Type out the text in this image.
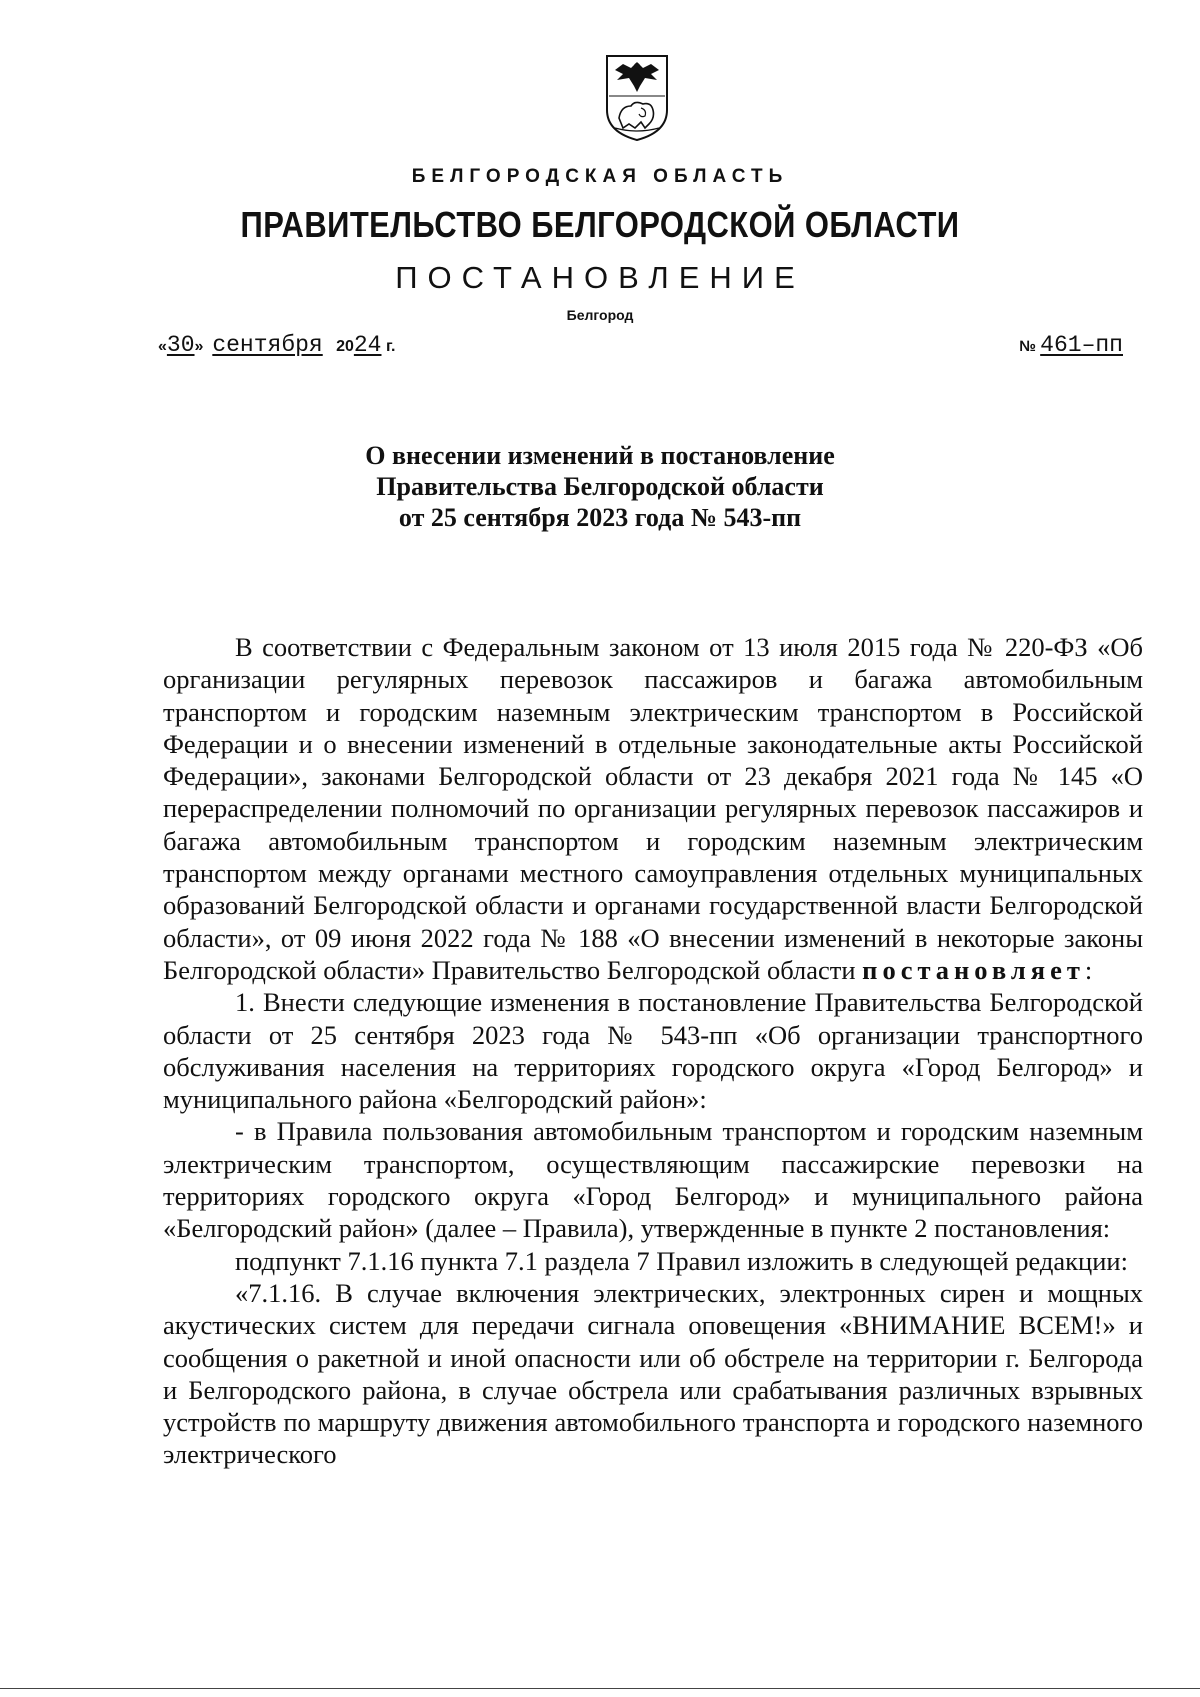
БЕЛГОРОДСКАЯ ОБЛАСТЬ
ПРАВИТЕЛЬСТВО БЕЛГОРОДСКОЙ ОБЛАСТИ
ПОСТАНОВЛЕНИЕ
Белгород
«30» сентября 2024 г.	№ 461–пп
О внесении изменений в постановление
Правительства Белгородской области
от 25 сентября 2023 года № 543-пп

В соответствии с Федеральным законом от 13 июля 2015 года № 220-ФЗ «Об организации регулярных перевозок пассажиров и багажа автомобильным транспортом и городским наземным электрическим транспортом в Российской Федерации и о внесении изменений в отдельные законодательные акты Российской Федерации», законами Белгородской области от 23 декабря 2021 года № 145 «О перераспределении полномочий по организации регулярных перевозок пассажиров и багажа автомобильным транспортом и городским наземным электрическим транспортом между органами местного самоуправления отдельных муниципальных образований Белгородской области и органами государственной власти Белгородской области», от 09 июня 2022 года № 188 «О внесении изменений в некоторые законы Белгородской области» Правительство Белгородской области постановляет:

1. Внести следующие изменения в постановление Правительства Белгородской области от 25 сентября 2023 года № 543-пп «Об организации транспортного обслуживания населения на территориях городского округа «Город Белгород» и муниципального района «Белгородский район»:

- в Правила пользования автомобильным транспортом и городским наземным электрическим транспортом, осуществляющим пассажирские перевозки на территориях городского округа «Город Белгород» и муниципального района «Белгородский район» (далее – Правила), утвержденные в пункте 2 постановления:

подпункт 7.1.16 пункта 7.1 раздела 7 Правил изложить в следующей редакции:

«7.1.16. В случае включения электрических, электронных сирен и мощных акустических систем для передачи сигнала оповещения «ВНИМАНИЕ ВСЕМ!» и сообщения о ракетной и иной опасности или об обстреле на территории г. Белгорода и Белгородского района, в случае обстрела или срабатывания различных взрывных устройств по маршруту движения автомобильного транспорта и городского наземного электрического
